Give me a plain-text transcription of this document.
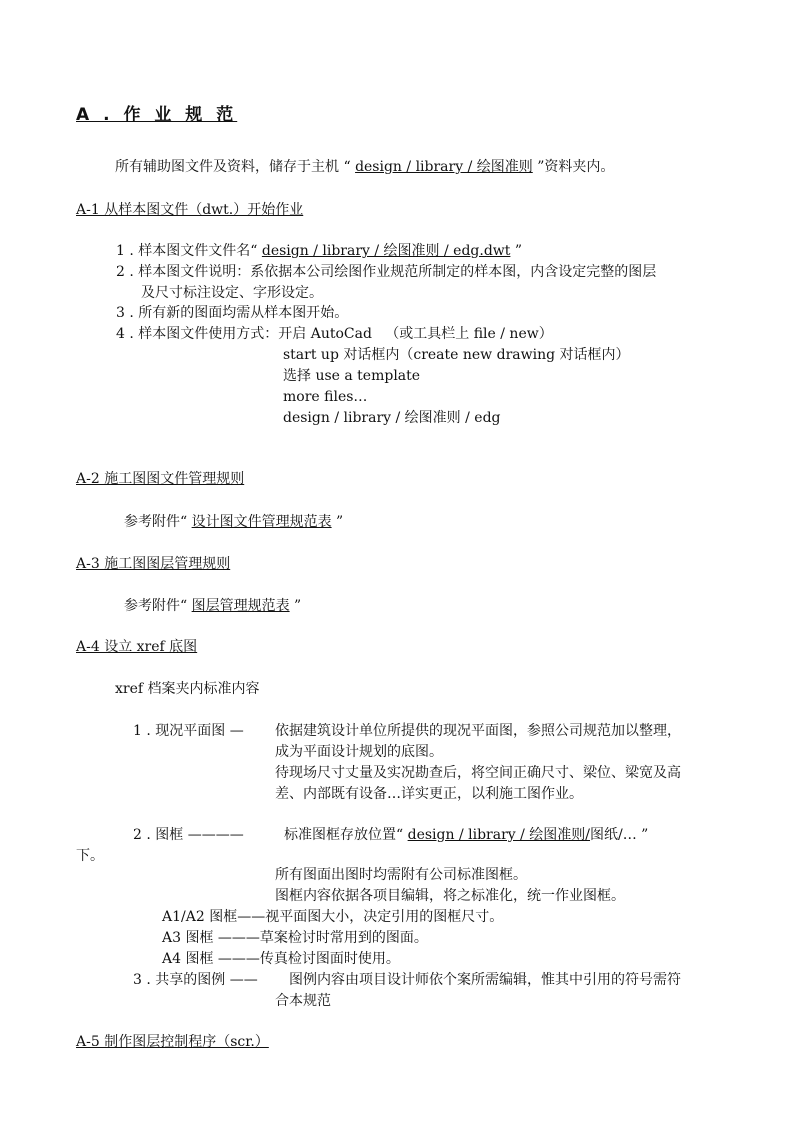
A . 作 业 规 范
所有辅助图文件及资料，储存于主机 “ design / library / 绘图准则 ”资料夹内。
A-1 从样本图文件（dwt.）开始作业
1 . 样本图文件文件名“ design / library / 绘图准则 / edg.dwt ”
2 . 样本图文件说明：系依据本公司绘图作业规范所制定的样本图，内含设定完整的图层
及尺寸标注设定、字形设定。
3 . 所有新的图面均需从样本图开始。
4 . 样本图文件使用方式：开启 AutoCad   （或工具栏上 file / new）
start up 对话框内（create new drawing 对话框内）
选择 use a template
more files…
design / library / 绘图准则 / edg
A-2 施工图图文件管理规则
参考附件“ 设计图文件管理规范表 ”
A-3 施工图图层管理规则
参考附件“ 图层管理规范表 ”
A-4 设立 xref 底图
xref 档案夹内标准内容
1 . 现况平面图 — 依据建筑设计单位所提供的现况平面图，参照公司规范加以整理，
成为平面设计规划的底图。
待现场尺寸丈量及实况勘查后，将空间正确尺寸、梁位、梁宽及高
差、内部既有设备…详实更正，以利施工图作业。
2 . 图框 ————	标准图框存放位置“ design / library / 绘图准则/图纸/… ”
下。
所有图面出图时均需附有公司标准图框。
图框内容依据各项目编辑，将之标准化，统一作业图框。
A1/A2 图框——视平面图大小，决定引用的图框尺寸。
A3 图框 ———草案检讨时常用到的图面。
A4 图框 ———传真检讨图面时使用。
3 . 共享的图例 —— 图例内容由项目设计师依个案所需编辑，惟其中引用的符号需符
合本规范
A-5 制作图层控制程序（scr.）
